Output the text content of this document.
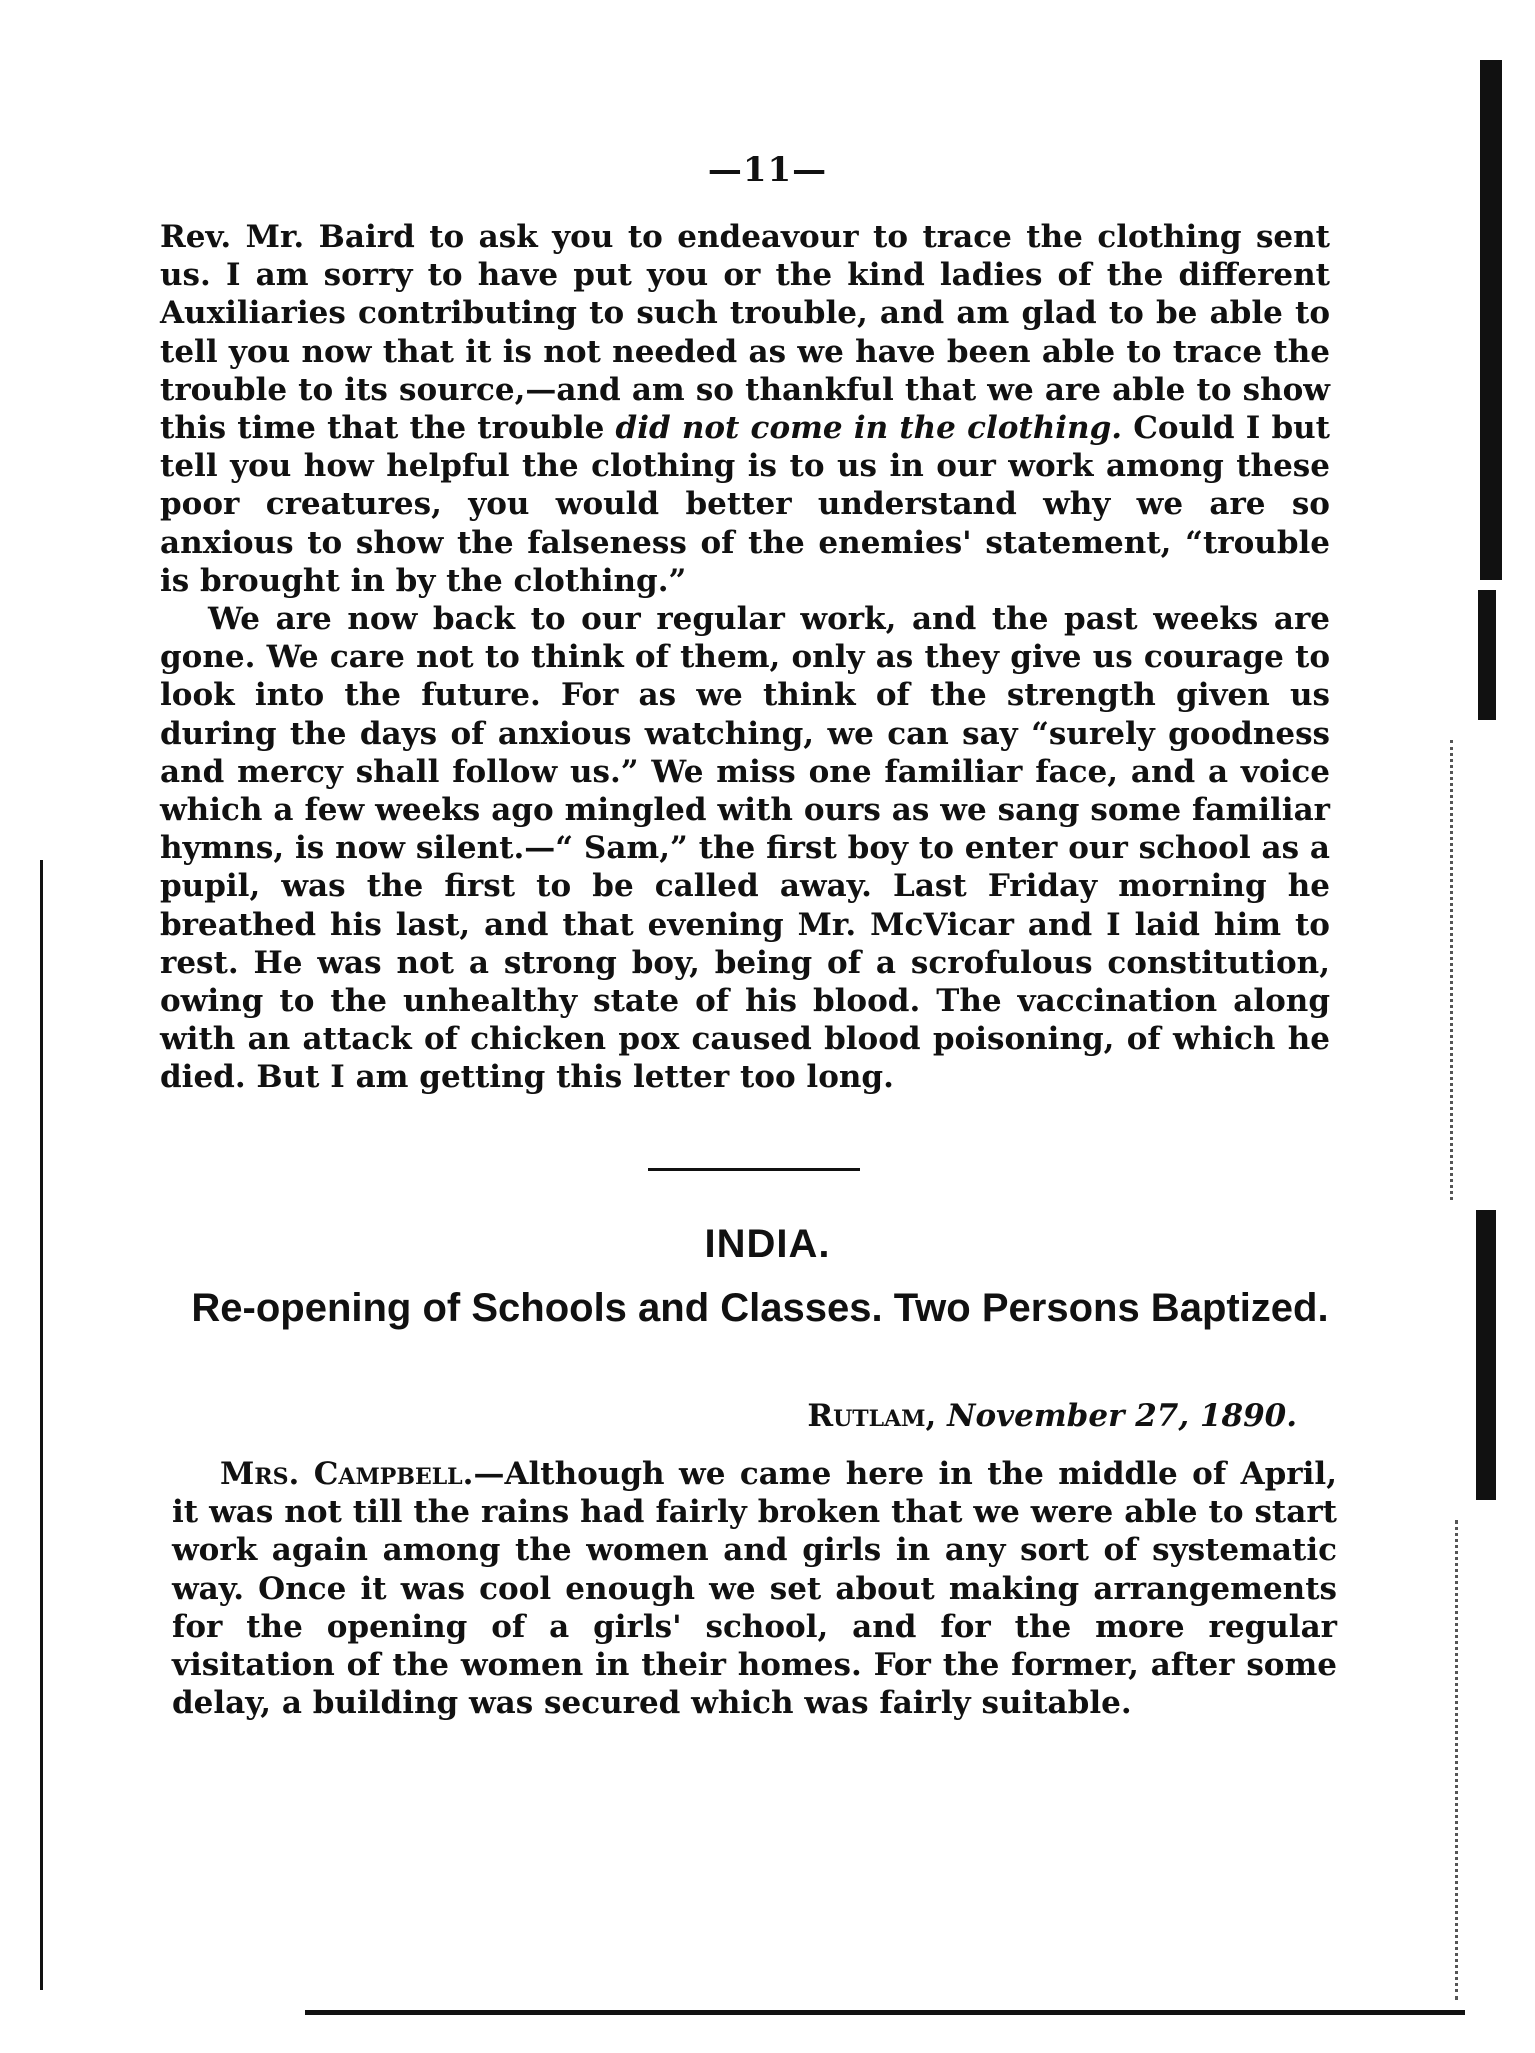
—11—

Rev. Mr. Baird to ask you to endeavour to trace the clothing sent us. I am sorry to have put you or the kind ladies of the different Auxiliaries contributing to such trouble, and am glad to be able to tell you now that it is not needed as we have been able to trace the trouble to its source,—and am so thankful that we are able to show this time that the trouble did not come in the clothing. Could I but tell you how helpful the clothing is to us in our work among these poor creatures, you would better understand why we are so anxious to show the falseness of the enemies' statement, “trouble is brought in by the clothing.”

We are now back to our regular work, and the past weeks are gone. We care not to think of them, only as they give us courage to look into the future. For as we think of the strength given us during the days of anxious watching, we can say “surely goodness and mercy shall follow us.” We miss one familiar face, and a voice which a few weeks ago mingled with ours as we sang some familiar hymns, is now silent.—“ Sam,” the first boy to enter our school as a pupil, was the first to be called away. Last Friday morning he breathed his last, and that evening Mr. McVicar and I laid him to rest. He was not a strong boy, being of a scrofulous constitution, owing to the unhealthy state of his blood. The vaccination along with an attack of chicken pox caused blood poisoning, of which he died. But I am getting this letter too long.

INDIA.
Re-opening of Schools and Classes. Two Persons Baptized.
Rutlam, November 27, 1890.

Mrs. Campbell.—Although we came here in the middle of April, it was not till the rains had fairly broken that we were able to start work again among the women and girls in any sort of systematic way. Once it was cool enough we set about making arrangements for the opening of a girls' school, and for the more regular visitation of the women in their homes. For the former, after some delay, a building was secured which was fairly suitable.
